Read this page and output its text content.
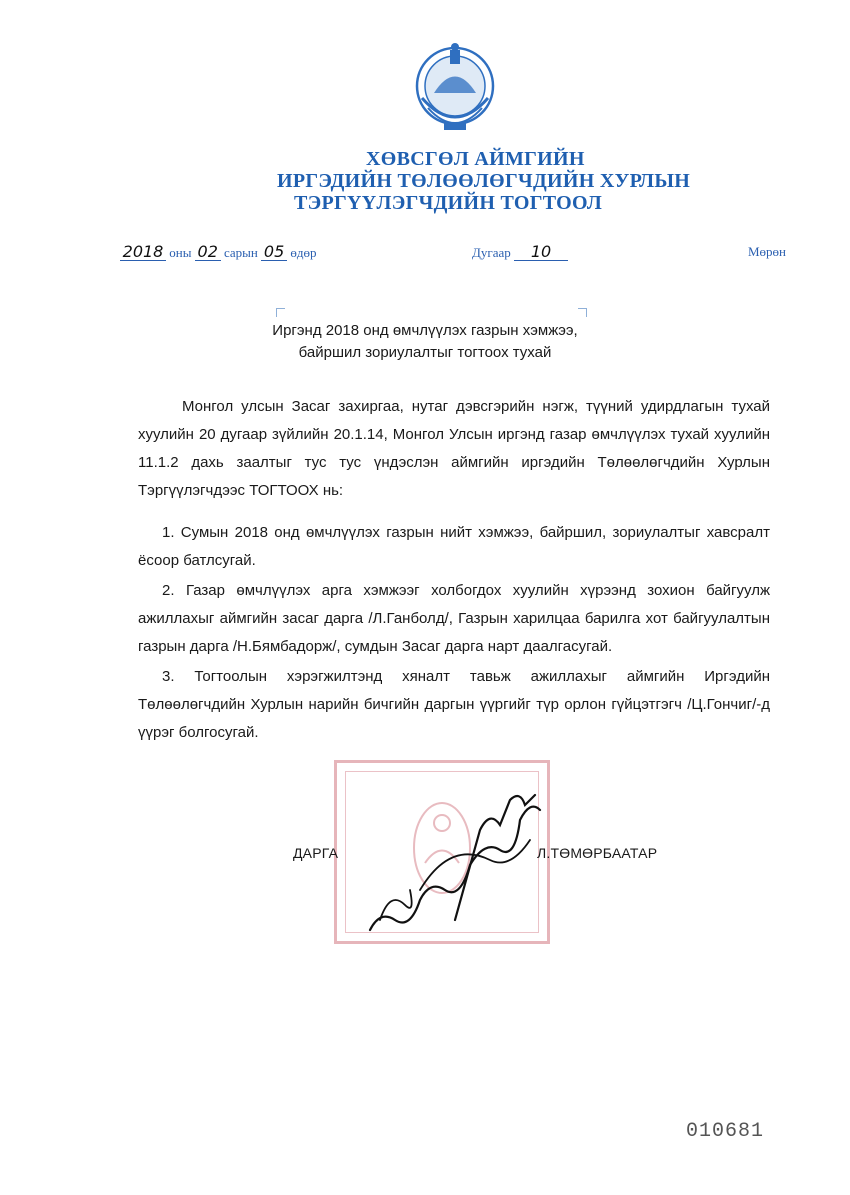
ХӨВСГӨЛ АЙМГИЙН
ИРГЭДИЙН ТӨЛӨӨЛӨГЧДИЙН ХУРЛЫН
ТЭРГҮҮЛЭГЧДИЙН ТОГТООЛ
2018 оны 02 сарын 05 өдөр	Дугаар 10	Мөрөн
Иргэнд 2018 онд өмчлүүлэх газрын хэмжээ,
байршил зориулалтыг тогтоох тухай

Монгол улсын Засаг захиргаа, нутаг дэвсгэрийн нэгж, түүний удирдлагын тухай хуулийн 20 дугаар зүйлийн 20.1.14, Монгол Улсын иргэнд газар өмчлүүлэх тухай хуулийн 11.1.2 дахь заалтыг тус тус үндэслэн аймгийн иргэдийн Төлөөлөгчдийн Хурлын Тэргүүлэгчдээс ТОГТООХ нь:

1. Сумын 2018 онд өмчлүүлэх газрын нийт хэмжээ, байршил, зориулалтыг хавсралт ёсоор батлсугай.

2. Газар өмчлүүлэх арга хэмжээг холбогдох хуулийн хүрээнд зохион байгуулж ажиллахыг аймгийн засаг дарга /Л.Ганболд/, Газрын харилцаа барилга хот байгуулалтын газрын дарга /Н.Бямбадорж/, сумдын Засаг дарга нарт даалгасугай.

3. Тогтоолын хэрэгжилтэнд хяналт тавьж ажиллахыг аймгийн Иргэдийн Төлөөлөгчдийн Хурлын нарийн бичгийн даргын үүргийг түр орлон гүйцэтгэгч /Ц.Гончиг/-д үүрэг болгосугай.

ДАРГА	Л.ТӨМӨРБААТАР
010681
